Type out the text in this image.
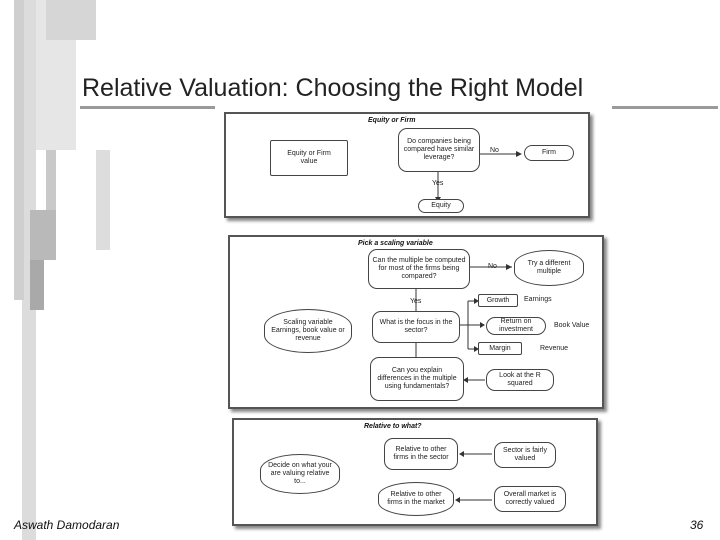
Relative Valuation: Choosing the Right Model
Equity or Firm
Equity or Firm value
Do companies being compared have similar leverage?
No	Firm
Yes
Equity
Pick a scaling variable
Scaling variable Earnings, book value or revenue
Can the multiple be computed for most of the firms being compared?
No	Try a different multiple
Yes
What is the focus in the sector?
Growth	Earnings
Return on investment
Book Value
Margin	Revenue
Can you explain differences in the multiple using fundamentals?
Look at the R squared
Relative to what?
Decide on what your are valuing relative to...
Relative to other firms in the sector
Sector is fairly valued
Relative to other firms in the market
Overall market is correctly valued
Aswath Damodaran	36
